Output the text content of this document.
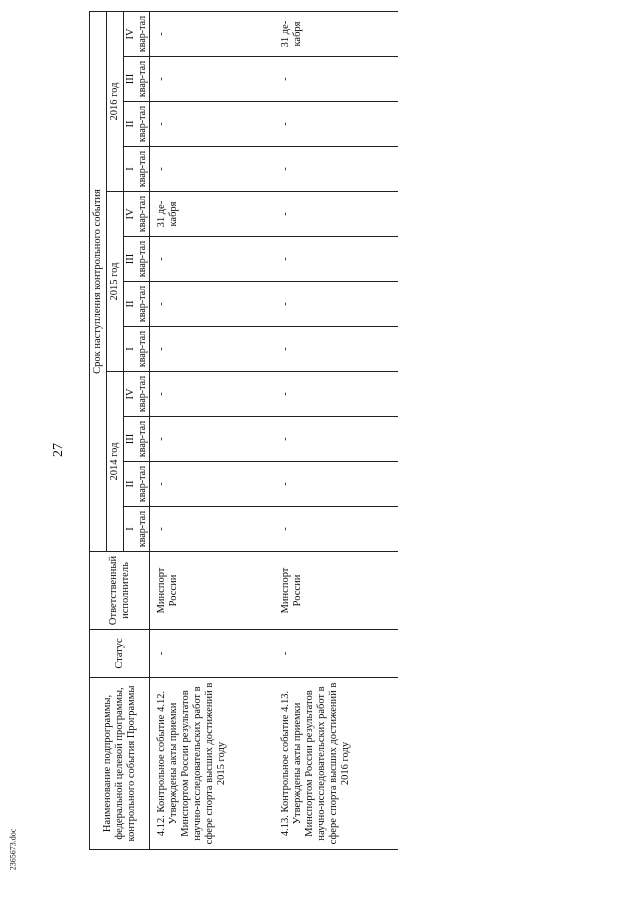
27
2365673.doc
Наименование подпрограммы, федеральной целевой программы, контрольного события Программы	Статус	Ответственный исполнитель	Срок наступления контрольного события											
			2014 год				2015 год				2016 год			

			I квар-тал	II квар-тал	III квар-тал	IV квар-тал	I квар-тал	II квар-тал	III квар-тал	IV квар-тал	I квар-тал	II квар-тал	III квар-тал	IV квар-тал

4.12. Контрольное событие 4.12. Утверждены акты приемки Минспортом России результатов научно-исследовательских работ в сфере спорта высших достижений в 2015 году	-	Минспорт России	-	-	-	-	-	-	-	31 де-кабря	-	-	-	-
4.13. Контрольное событие 4.13. Утверждены акты приемки Минспортом России результатов научно-исследовательских работ в сфере спорта высших достижений в 2016 году	-	Минспорт России	-	-	-	-	-	-	-	-	-	-	-	31 де-кабря
